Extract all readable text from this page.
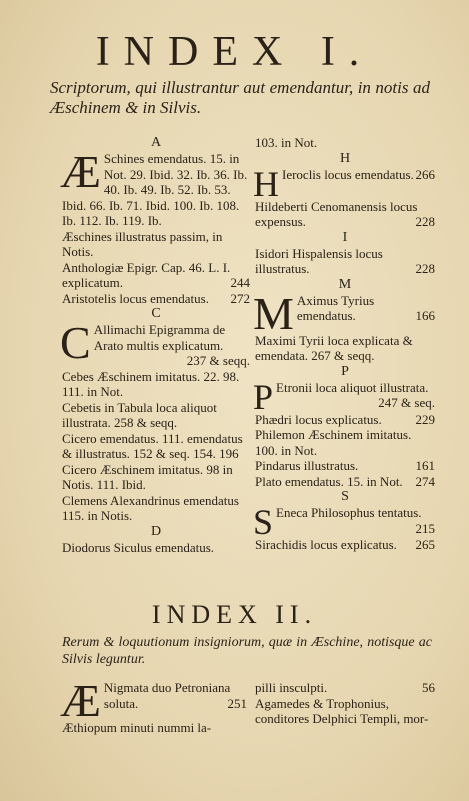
INDEX I.
Scriptorum, qui illustrantur aut emendantur, in notis ad Æschinem & in Silvis.
A
Æ Schines emendatus. 15. in Not. 29. Ibid. 32. Ib. 36. Ib. 40. Ib. 49. Ib. 52. Ib. 53. Ibid. 66. Ib. 71. Ibid. 100. Ib. 108. Ib. 112. Ib. 119. Ib.
Æschines illustratus passim, in Notis.
Anthologiæ Epigr. Cap. 46. L. I. explicatum.	244
Aristotelis locus emendatus. 272
C
C Allimachi Epigramma de Arato multis explicatum.
237 & seqq.
Cebes Æschinem imitatus. 22. 98. 111. in Not.
Cebetis in Tabula loca aliquot illustrata. 258 & seqq.
Cicero emendatus. 111. emendatus & illustratus. 152 & seq. 154. 196
Cicero Æschinem imitatus. 98 in Notis. 111. Ibid.
Clemens Alexandrinus emendatus 115. in Notis.
D
Diodorus Siculus emendatus.
103. in Not.
H
H Ieroclis locus emendatus. 266
Hildeberti Cenomanensis locus expensus.	228
I
Isidori Hispalensis locus illustratus.	228
M
M Aximus Tyrius emendatus.	166
Maximi Tyrii loca explicata & emendata. 267 & seqq.
P
P Etronii loca aliquot illustrata.
247 & seq.
Phædri locus explicatus.	229
Philemon Æschinem imitatus. 100. in Not.
Pindarus illustratus.	161
Plato emendatus. 15. in Not. 274
S
S Eneca Philosophus tentatus.
215
Sirachidis locus explicatus. 265
INDEX II.
Rerum & loquutionum insigniorum, quæ in Æschine, notisque ac Silvis leguntur.
Æ Nigmata duo Petroniana soluta.	251
Æthiopum minuti nummi la-
pilli insculpti.	56
Agamedes & Trophonius, conditores Delphici Templi, mor-
